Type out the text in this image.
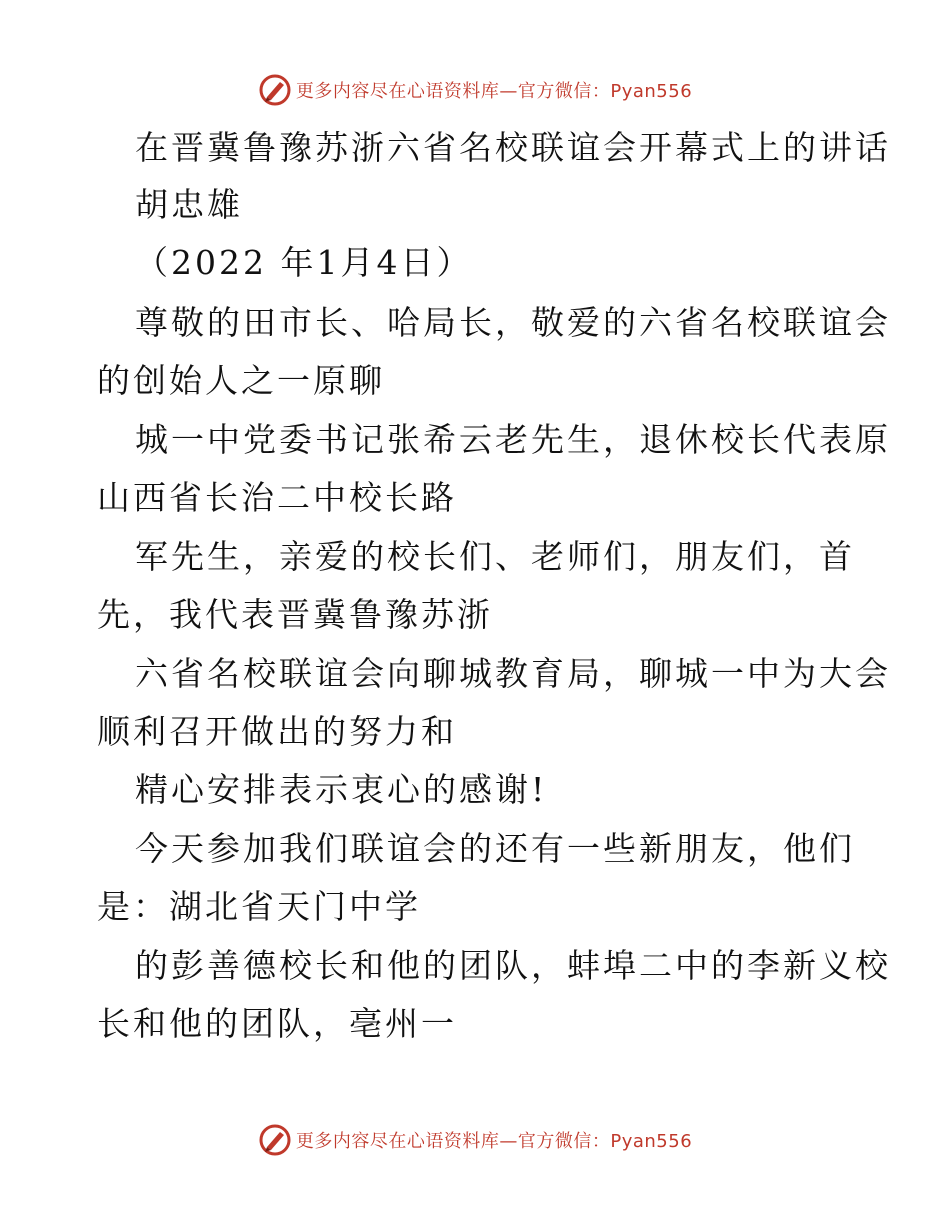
更多内容尽在心语资料库—官方微信：Pyan556
在晋冀鲁豫苏浙六省名校联谊会开幕式上的讲话
胡忠雄
（2022 年1月4日）
尊敬的田市长、哈局长，敬爱的六省名校联谊会
的创始人之一原聊
城一中党委书记张希云老先生，退休校长代表原
山西省长治二中校长路
军先生，亲爱的校长们、老师们，朋友们，首
先，我代表晋冀鲁豫苏浙
六省名校联谊会向聊城教育局，聊城一中为大会
顺利召开做出的努力和
精心安排表示衷心的感谢!
今天参加我们联谊会的还有一些新朋友，他们
是：湖北省天门中学
的彭善德校长和他的团队，蚌埠二中的李新义校
长和他的团队，亳州一
更多内容尽在心语资料库—官方微信：Pyan556
